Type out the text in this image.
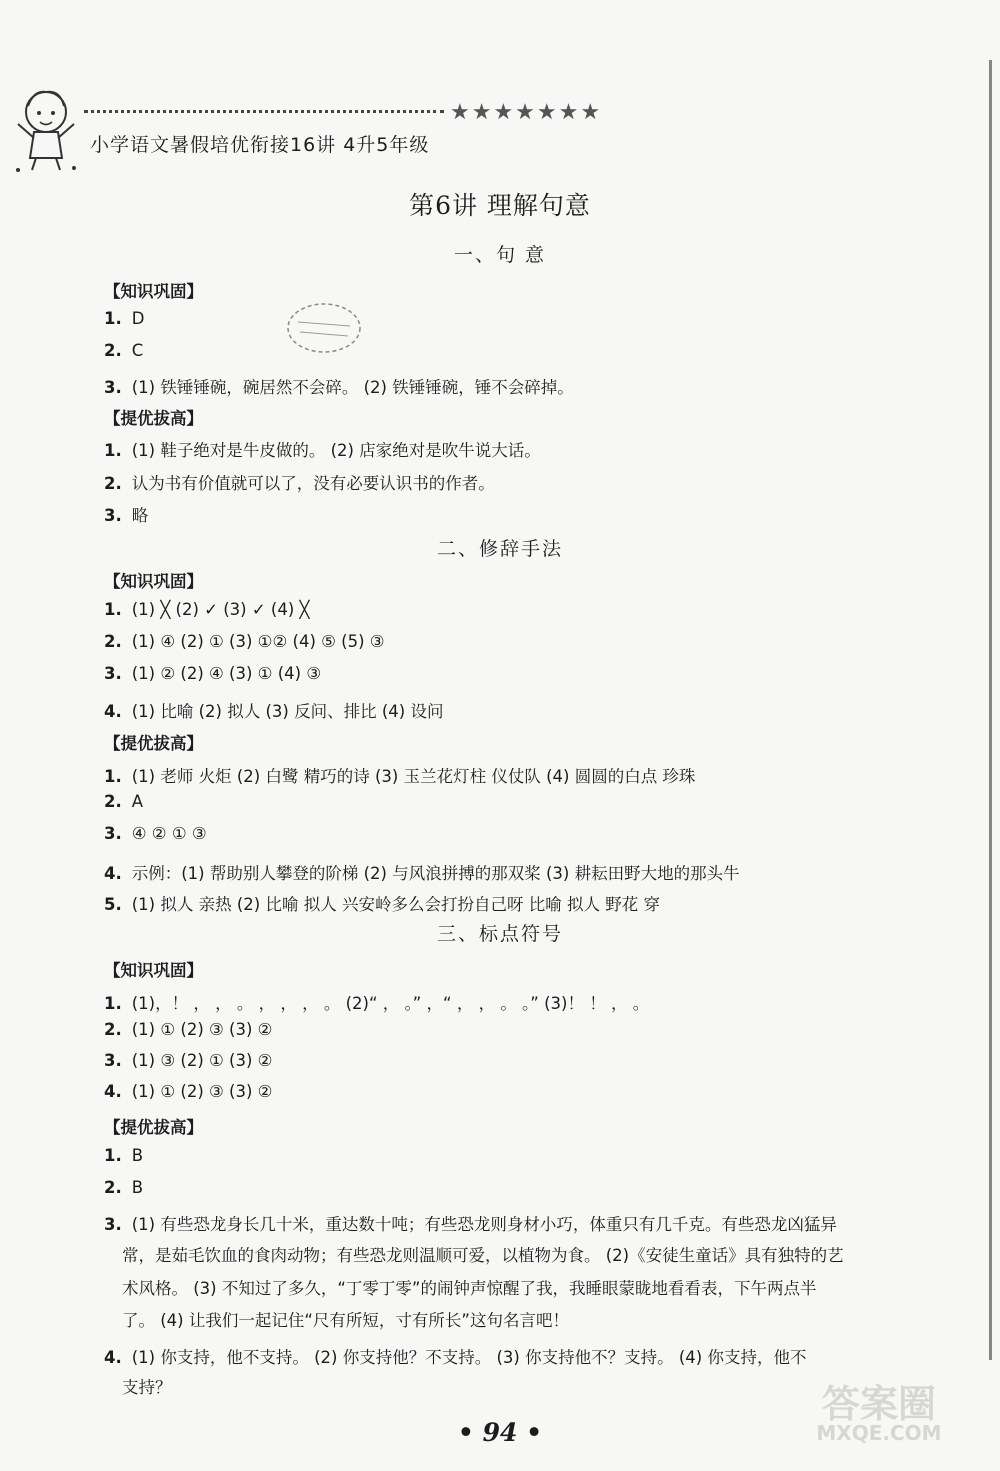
★★★★★★★
小学语文暑假培优衔接16讲 4升5年级
第6讲 理解句意
一、句 意
【知识巩固】
1. D
2. C
3. (1) 铁锤锤碗，碗居然不会碎。 (2) 铁锤锤碗，锤不会碎掉。
【提优拔高】
1. (1) 鞋子绝对是牛皮做的。 (2) 店家绝对是吹牛说大话。
2. 认为书有价值就可以了，没有必要认识书的作者。
3. 略
二、修辞手法
【知识巩固】
1. (1) ╳ (2) ✓ (3) ✓ (4) ╳
2. (1) ④ (2) ① (3) ①② (4) ⑤ (5) ③
3. (1) ② (2) ④ (3) ① (4) ③
4. (1) 比喻 (2) 拟人 (3) 反问、排比 (4) 设问
【提优拔高】
1. (1) 老师 火炬 (2) 白鹭 精巧的诗 (3) 玉兰花灯柱 仪仗队 (4) 圆圆的白点 珍珠
2. A
3. ④ ② ① ③
4. 示例：(1) 帮助别人攀登的阶梯 (2) 与风浪拼搏的那双桨 (3) 耕耘田野大地的那头牛
5. (1) 拟人 亲热 (2) 比喻 拟人 兴安岭多么会打扮自己呀 比喻 拟人 野花 穿
三、标点符号
【知识巩固】
1. (1)，！ ， ， 。 ， ， ， 。 (2)“ ， 。” ，“ ， ， 。 。” (3)！ ！ ， 。
2. (1) ① (2) ③ (3) ②
3. (1) ③ (2) ① (3) ②
4. (1) ① (2) ③ (3) ②
【提优拔高】
1. B
2. B
3. (1) 有些恐龙身长几十米，重达数十吨；有些恐龙则身材小巧，体重只有几千克。有些恐龙凶猛异
常，是茹毛饮血的食肉动物；有些恐龙则温顺可爱，以植物为食。 (2)《安徒生童话》具有独特的艺
术风格。 (3) 不知过了多久，“丁零丁零”的闹钟声惊醒了我，我睡眼蒙眬地看看表，下午两点半
了。 (4) 让我们一起记住“尺有所短，寸有所长”这句名言吧！
4. (1) 你支持，他不支持。 (2) 你支持他？不支持。 (3) 你支持他不？支持。 (4) 你支持，他不
支持？
• 94 •
答案圈
MXQE.COM
